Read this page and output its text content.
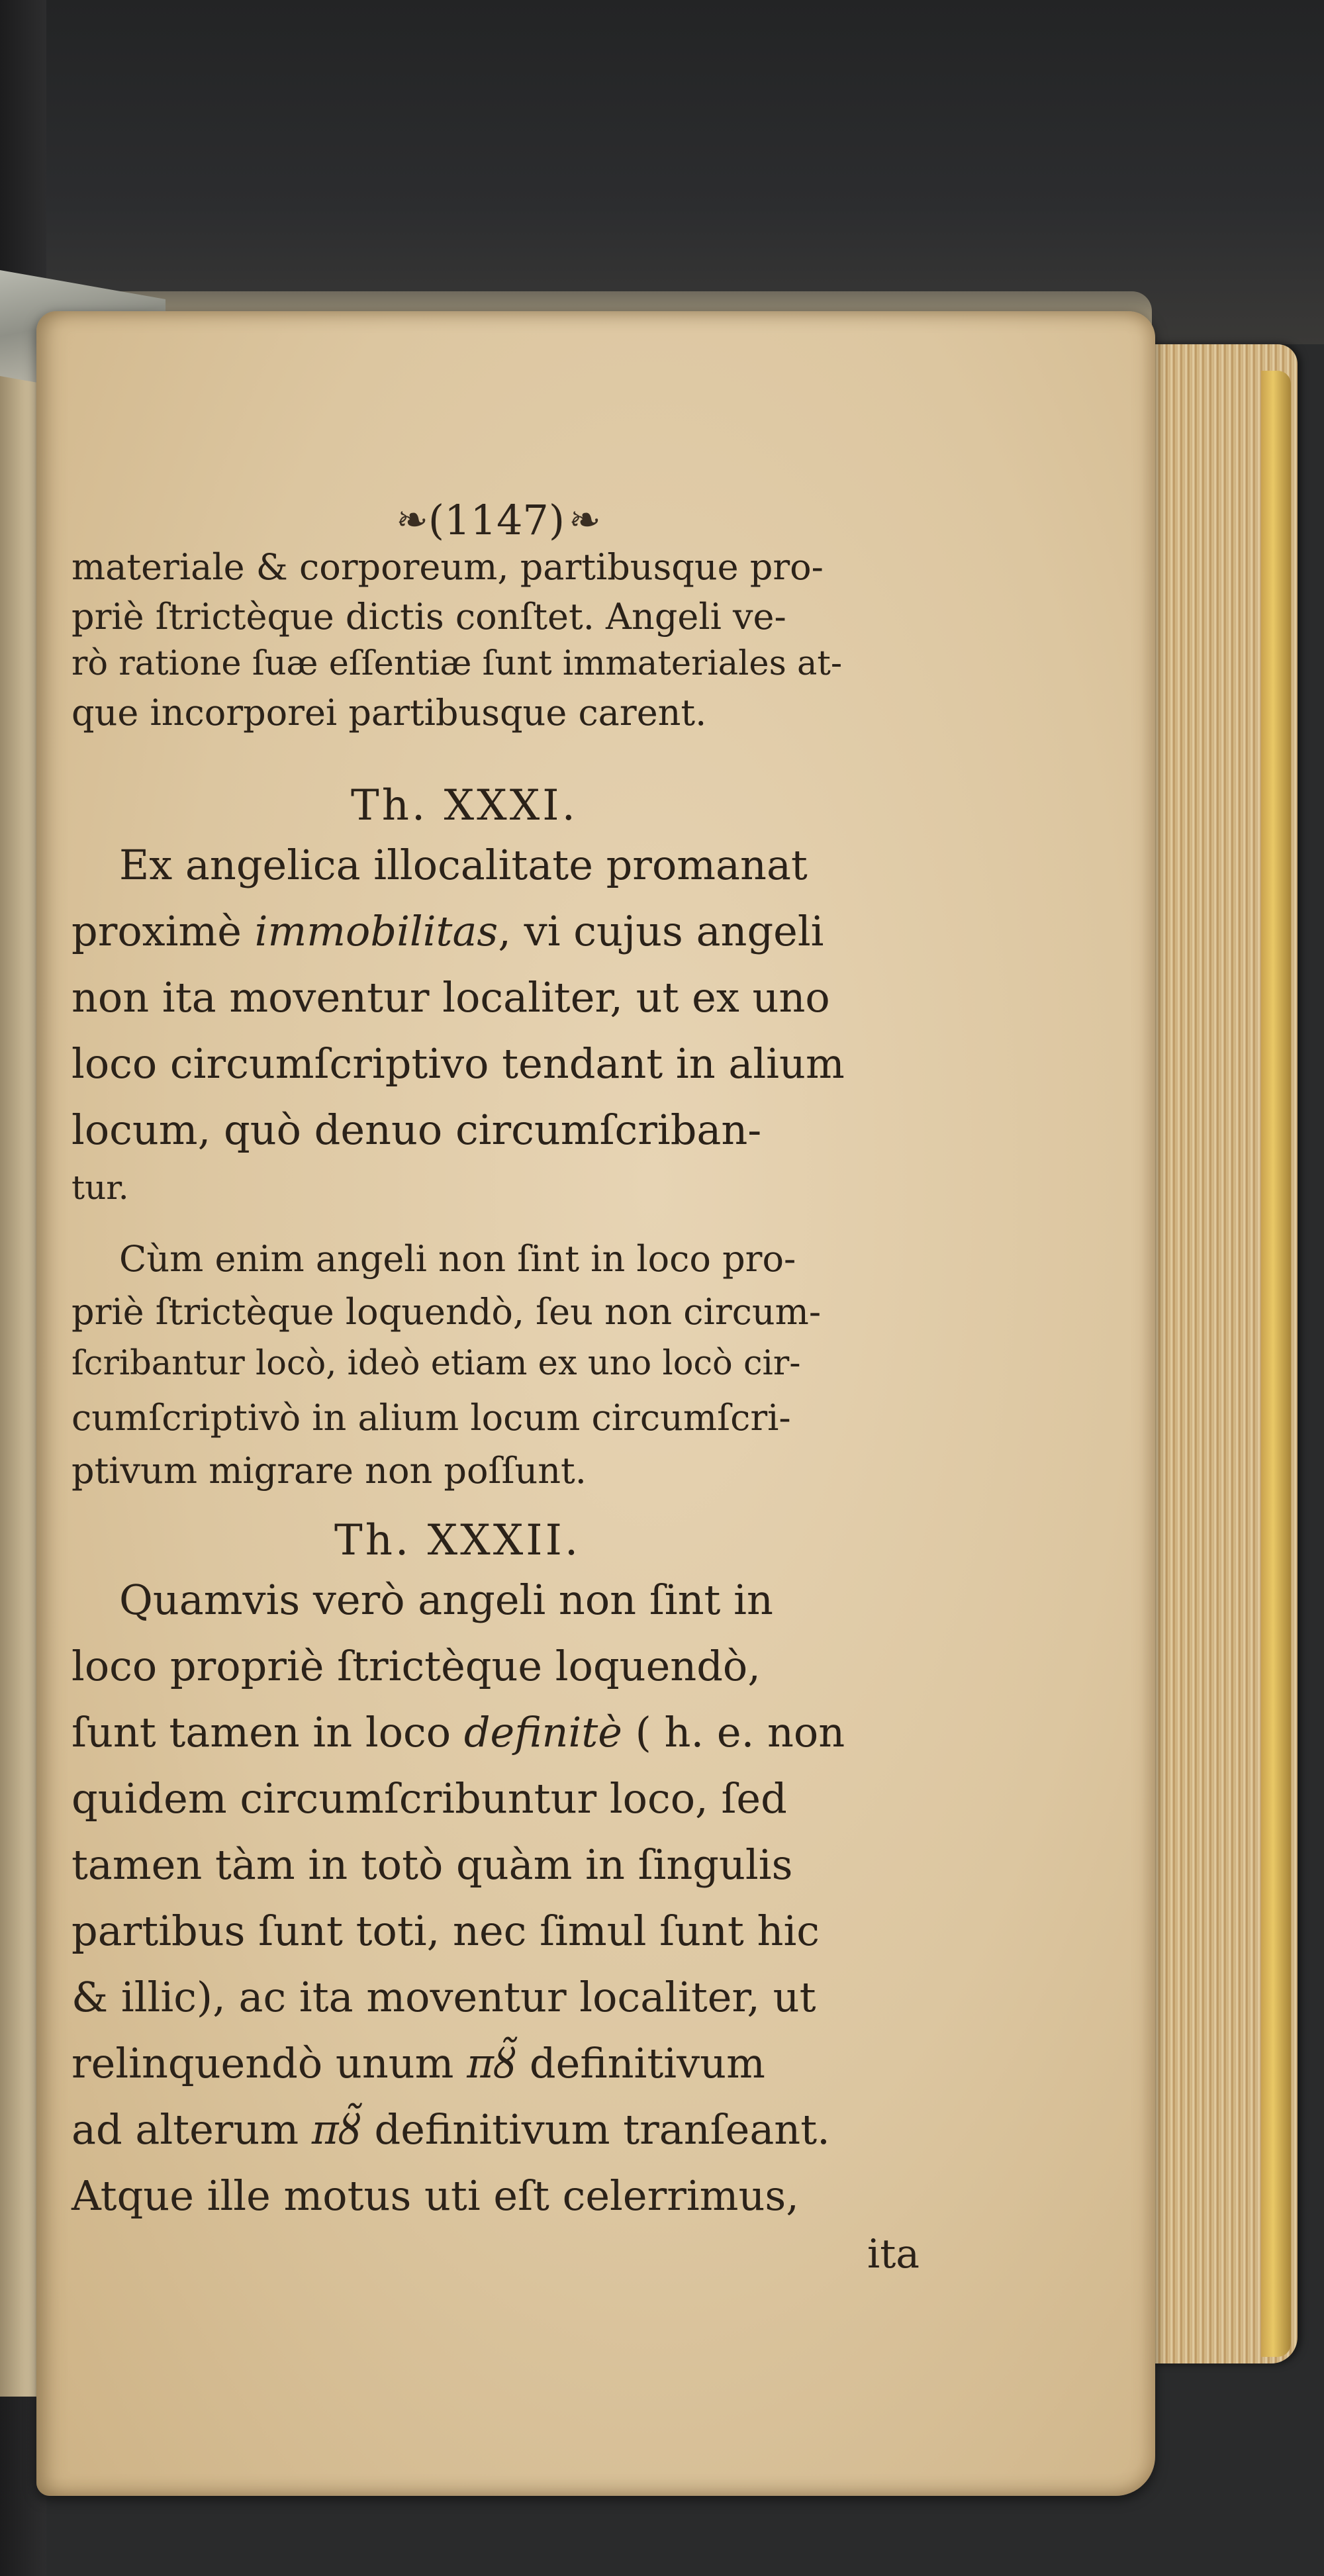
❧ (1147) ❧
materiale & corporeum, partibusque pro-
priè ſtrictèque dictis conſtet. Angeli ve-
rò ratione ſuæ eſſentiæ ſunt immateriales at-
que incorporei partibusque carent.
Th. XXXI.
Ex angelica illocalitate promanat
proximè immobilitas, vi cujus angeli
non ita moventur localiter, ut ex uno
loco circumſcriptivo tendant in alium
locum, quò denuo circumſcriban-
tur.
Cùm enim angeli non ſint in loco pro-
priè ſtrictèque loquendò, ſeu non circum-
ſcribantur locò, ideò etiam ex uno locò cir-
cumſcriptivò in alium locum circumſcri-
ptivum migrare non poſſunt.
Th. XXXII.
Quamvis verò angeli non ſint in
loco propriè ſtrictèque loquendò,
ſunt tamen in loco definitè ( h. e. non
quidem circumſcribuntur loco, ſed
tamen tàm in totò quàm in ſingulis
partibus ſunt toti, nec ſimul ſunt hic
& illic), ac ita moventur localiter, ut
relinquendò unum πȣ̃ definitivum
ad alterum πȣ̃ definitivum tranſeant.
Atque ille motus uti eſt celerrimus,
ita
